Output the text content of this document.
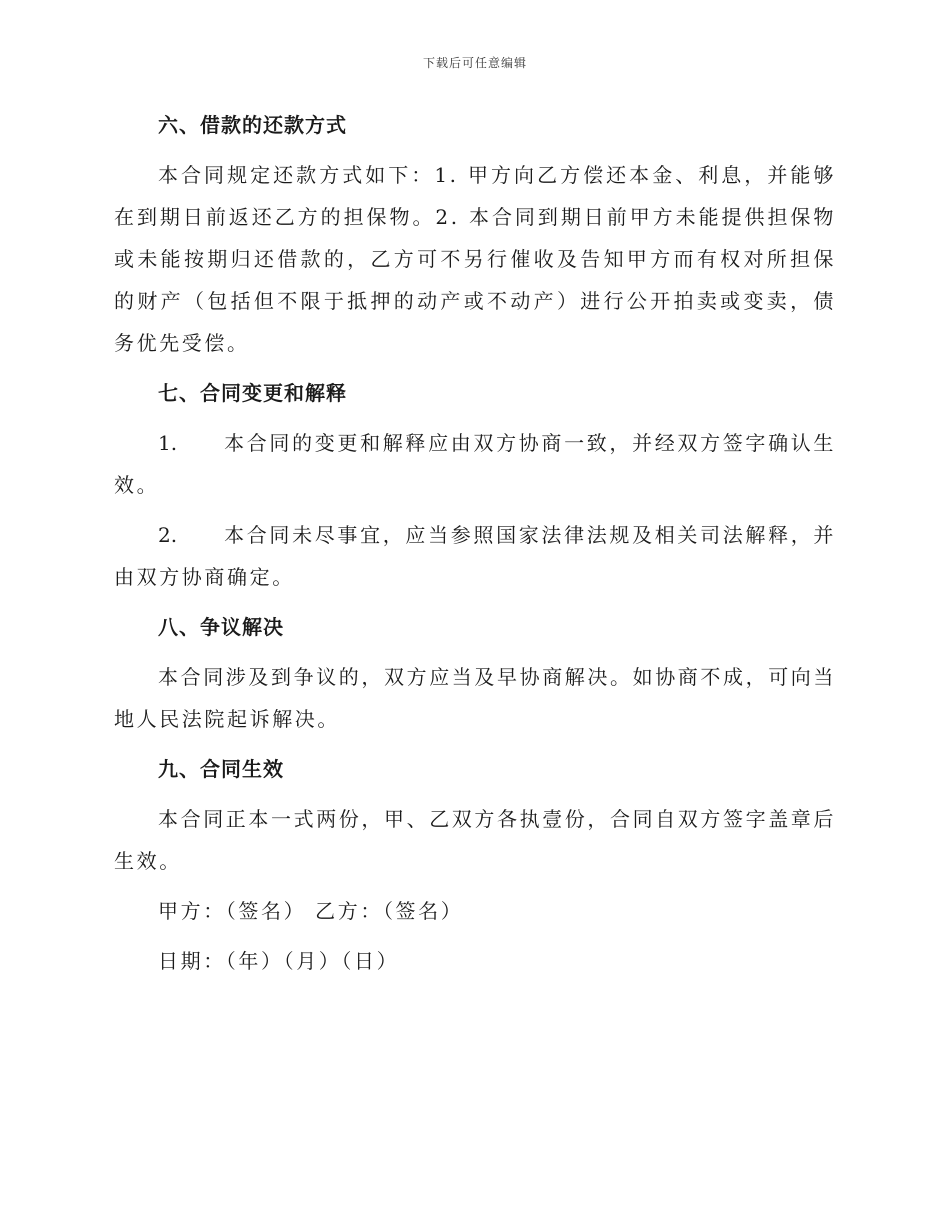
下载后可任意编辑
六、借款的还款方式

本合同规定还款方式如下：1. 甲方向乙方偿还本金、利息，并能够在到期日前返还乙方的担保物。2. 本合同到期日前甲方未能提供担保物或未能按期归还借款的，乙方可不另行催收及告知甲方而有权对所担保的财产（包括但不限于抵押的动产或不动产）进行公开拍卖或变卖，债务优先受偿。

七、合同变更和解释

1. 本合同的变更和解释应由双方协商一致，并经双方签字确认生效。

2. 本合同未尽事宜，应当参照国家法律法规及相关司法解释，并由双方协商确定。

八、争议解决

本合同涉及到争议的，双方应当及早协商解决。如协商不成，可向当地人民法院起诉解决。

九、合同生效

本合同正本一式两份，甲、乙双方各执壹份，合同自双方签字盖章后生效。

甲方：（签名） 乙方：（签名）
日期：（年）（月）（日）
